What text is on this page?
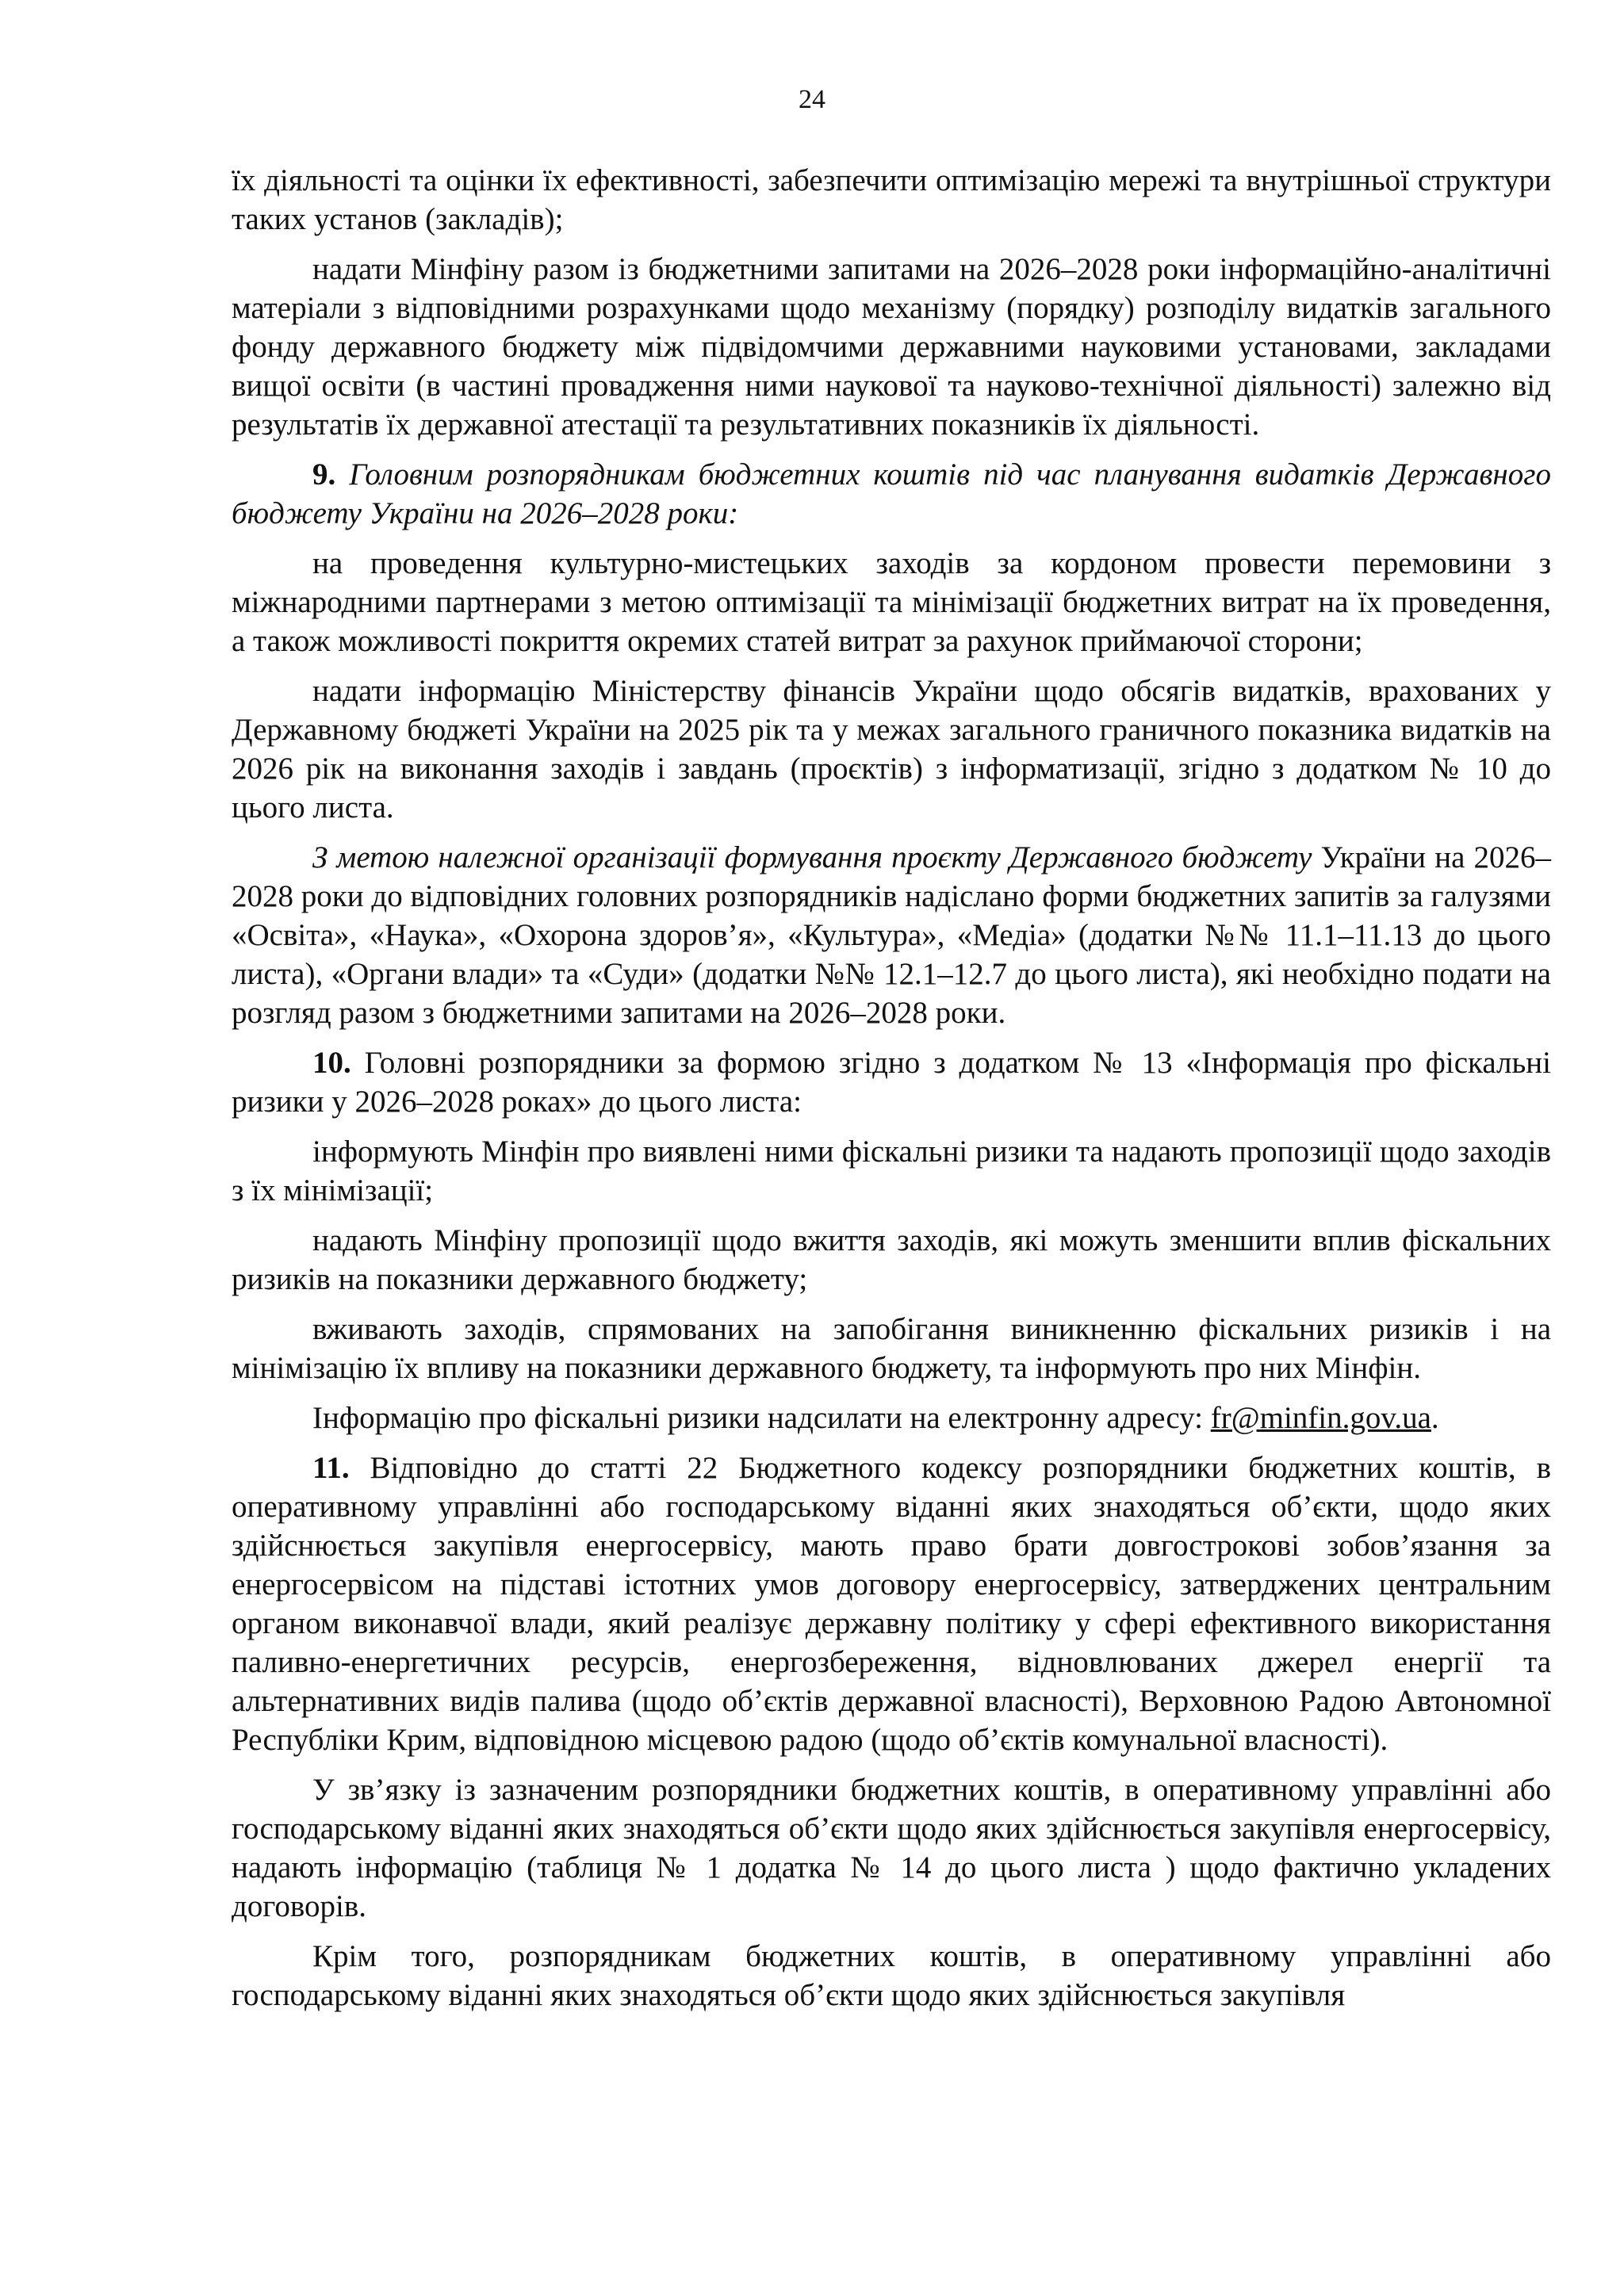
24

їх діяльності та оцінки їх ефективності, забезпечити оптимізацію мережі та внутрішньої структури таких установ (закладів);

надати Мінфіну разом із бюджетними запитами на 2026–2028 роки інформаційно-аналітичні матеріали з відповідними розрахунками щодо механізму (порядку) розподілу видатків загального фонду державного бюджету між підвідомчими державними науковими установами, закладами вищої освіти (в частині провадження ними наукової та науково-технічної діяльності) залежно від результатів їх державної атестації та результативних показників їх діяльності.

9. Головним розпорядникам бюджетних коштів під час планування видатків Державного бюджету України на 2026–2028 роки:

на проведення культурно-мистецьких заходів за кордоном провести перемовини з міжнародними партнерами з метою оптимізації та мінімізації бюджетних витрат на їх проведення, а також можливості покриття окремих статей витрат за рахунок приймаючої сторони;

надати інформацію Міністерству фінансів України щодо обсягів видатків, врахованих у Державному бюджеті України на 2025 рік та у межах загального граничного показника видатків на 2026 рік на виконання заходів і завдань (проєктів) з інформатизації, згідно з додатком № 10 до цього листа.

З метою належної організації формування проєкту Державного бюджету України на 2026–2028 роки до відповідних головних розпорядників надіслано форми бюджетних запитів за галузями «Освіта», «Наука», «Охорона здоров’я», «Культура», «Медіа» (додатки №№ 11.1–11.13 до цього листа), «Органи влади» та «Суди» (додатки №№ 12.1–12.7 до цього листа), які необхідно подати на розгляд разом з бюджетними запитами на 2026–2028 роки.

10. Головні розпорядники за формою згідно з додатком № 13 «Інформація про фіскальні ризики у 2026–2028 роках» до цього листа:

інформують Мінфін про виявлені ними фіскальні ризики та надають пропозиції щодо заходів з їх мінімізації;

надають Мінфіну пропозиції щодо вжиття заходів, які можуть зменшити вплив фіскальних ризиків на показники державного бюджету;

вживають заходів, спрямованих на запобігання виникненню фіскальних ризиків і на мінімізацію їх впливу на показники державного бюджету, та інформують про них Мінфін.

Інформацію про фіскальні ризики надсилати на електронну адресу: fr@minfin.gov.ua.

11. Відповідно до статті 22 Бюджетного кодексу розпорядники бюджетних коштів, в оперативному управлінні або господарському віданні яких знаходяться об’єкти, щодо яких здійснюється закупівля енергосервісу, мають право брати довгострокові зобов’язання за енергосервісом на підставі істотних умов договору енергосервісу, затверджених центральним органом виконавчої влади, який реалізує державну політику у сфері ефективного використання паливно-енергетичних ресурсів, енергозбереження, відновлюваних джерел енергії та альтернативних видів палива (щодо об’єктів державної власності), Верховною Радою Автономної Республіки Крим, відповідною місцевою радою (щодо об’єктів комунальної власності).

У зв’язку із зазначеним розпорядники бюджетних коштів, в оперативному управлінні або господарському віданні яких знаходяться об’єкти щодо яких здійснюється закупівля енергосервісу, надають інформацію (таблиця № 1 додатка № 14 до цього листа ) щодо фактично укладених договорів.

Крім того, розпорядникам бюджетних коштів, в оперативному управлінні або господарському віданні яких знаходяться об’єкти щодо яких здійснюється закупівля
